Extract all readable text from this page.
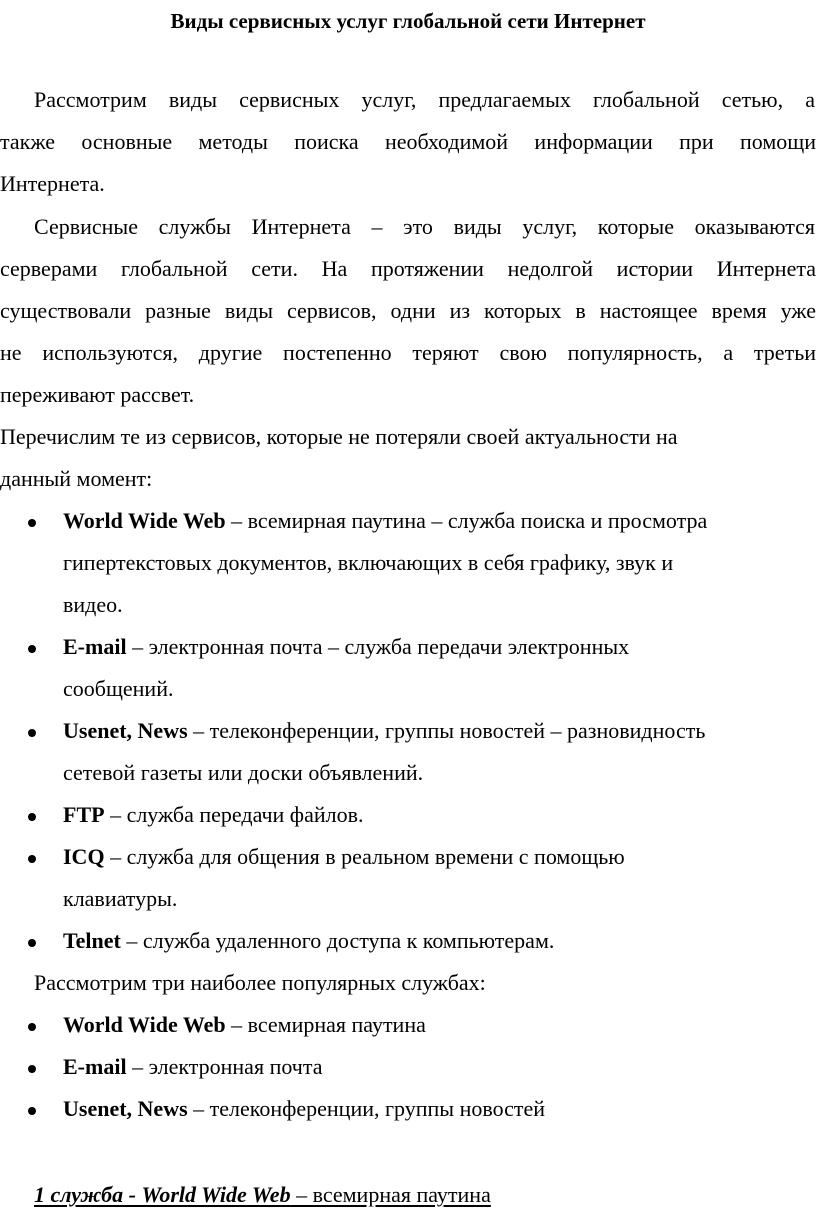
Виды сервисных услуг глобальной сети Интернет
Рассмотрим виды сервисных услуг, предлагаемых глобальной сетью, а
также основные методы поиска необходимой информации при помощи
Интернета.
Сервисные службы Интернета – это виды услуг, которые оказываются
серверами глобальной сети. На протяжении недолгой истории Интернета
существовали разные виды сервисов, одни из которых в настоящее время уже
не используются, другие постепенно теряют свою популярность, а третьи
переживают рассвет.
Перечислим те из сервисов, которые не потеряли своей актуальности на
данный момент:
World Wide Web – всемирная паутина – служба поиска и просмотра
гипертекстовых документов, включающих в себя графику, звук и
видео.
E-mail – электронная почта – служба передачи электронных
сообщений.
Usenet, News – телеконференции, группы новостей – разновидность
сетевой газеты или доски объявлений.
FTP – служба передачи файлов.
ICQ – служба для общения в реальном времени с помощью
клавиатуры.
Telnet – служба удаленного доступа к компьютерам.
Рассмотрим три наиболее популярных службах:
World Wide Web – всемирная паутина
E-mail – электронная почта
Usenet, News – телеконференции, группы новостей
1 служба - World Wide Web – всемирная паутина
